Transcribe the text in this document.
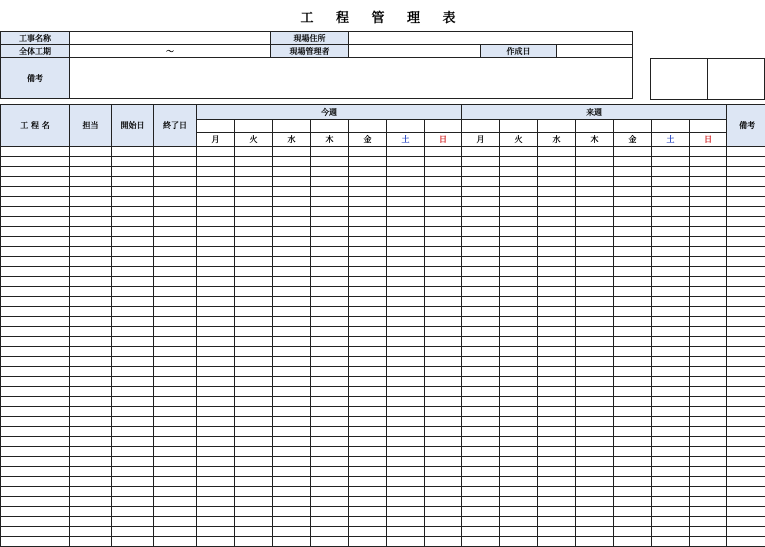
工 程 管 理 表
工事名称		現場住所			
全体工期	～	現場管理者		作成日	
備考					

工 程 名	担当	開始日	終了日	今週							来週							備考

				月	火	水	木	金	土	日	月	火	水	木	金	土	日	
